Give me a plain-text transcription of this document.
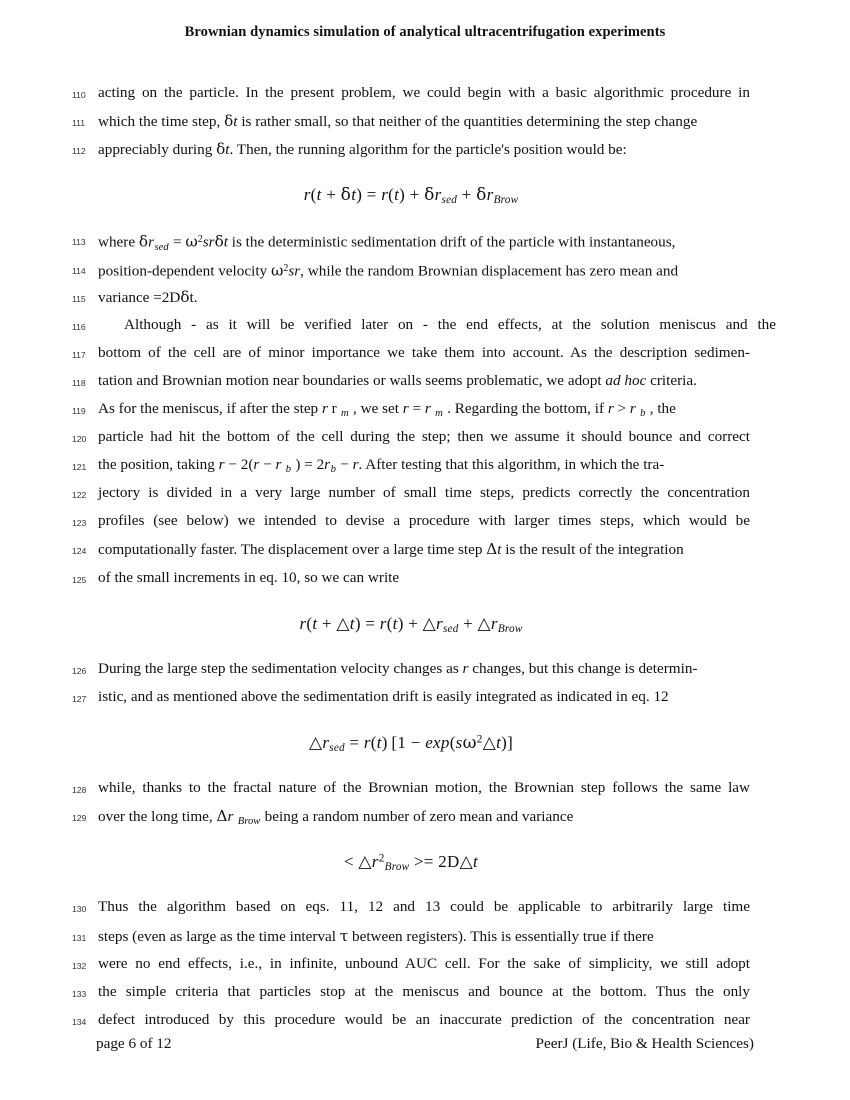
Brownian dynamics simulation of analytical ultracentrifugation experiments
110 acting on the particle. In the present problem, we could begin with a basic algorithmic procedure in
111 which the time step, δt is rather small, so that neither of the quantities determining the step change
112 appreciably during δt. Then, the running algorithm for the particle's position would be:
$r(t + \delta t) = r(t) + \delta r_{sed} + \delta r_{Brow}$
113 where δrsed = $\omega^2sr\delta t$ is the deterministic sedimentation drift of the particle with instantaneous,
114 position-dependent velocity $\omega^2sr$, while the random Brownian displacement has zero mean and
115 variance =2Dδt.
116	Although - as it will be verified later on - the end effects, at the solution meniscus and the
117 bottom of the cell are of minor importance we take them into account. As the description sedimen-
118 tation and Brownian motion near boundaries or walls seems problematic, we adopt ad hoc criteria.
119 As for the meniscus, if after the step r r m , we set r = r m . Regarding the bottom, if r > r b , the
120 particle had hit the bottom of the cell during the step; then we assume it should bounce and correct
121 the position, taking r − 2(r − r b ) = 2rb − r. After testing that this algorithm, in which the tra-
122 jectory is divided in a very large number of small time steps, predicts correctly the concentration
123 profiles (see below) we intended to devise a procedure with larger times steps, which would be
124 computationally faster. The displacement over a large time step Δt is the result of the integration
125 of the small increments in eq. 10, so we can write
r(t + △t) = $r(t) + \triangle r_{sed}$ + $\triangle r_{Brow}$
126 During the large step the sedimentation velocity changes as r changes, but this change is determin-
127 istic, and as mentioned above the sedimentation drift is easily integrated as indicated in eq. 12
$\triangle r_{sed} = r(t) [1$ − $\exp(s\omega^2\triangle t)$]
128 while, thanks to the fractal nature of the Brownian motion, the Brownian step follows the same law
129 over the long time, Δr Brow being a random number of zero mean and variance
< $\triangle r^2_{Brow}$ >= 2D△t
130 Thus the algorithm based on eqs. 11, 12 and 13 could be applicable to arbitrarily large time
131 steps (even as large as the time interval τ between registers). This is essentially true if there
132 were no end effects, i.e., in infinite, unbound AUC cell. For the sake of simplicity, we still adopt
133 the simple criteria that particles stop at the meniscus and bounce at the bottom. Thus the only
134 defect introduced by this procedure would be an inaccurate prediction of the concentration near
page 6 of 12	PeerJ (Life, Bio & Health Sciences)
